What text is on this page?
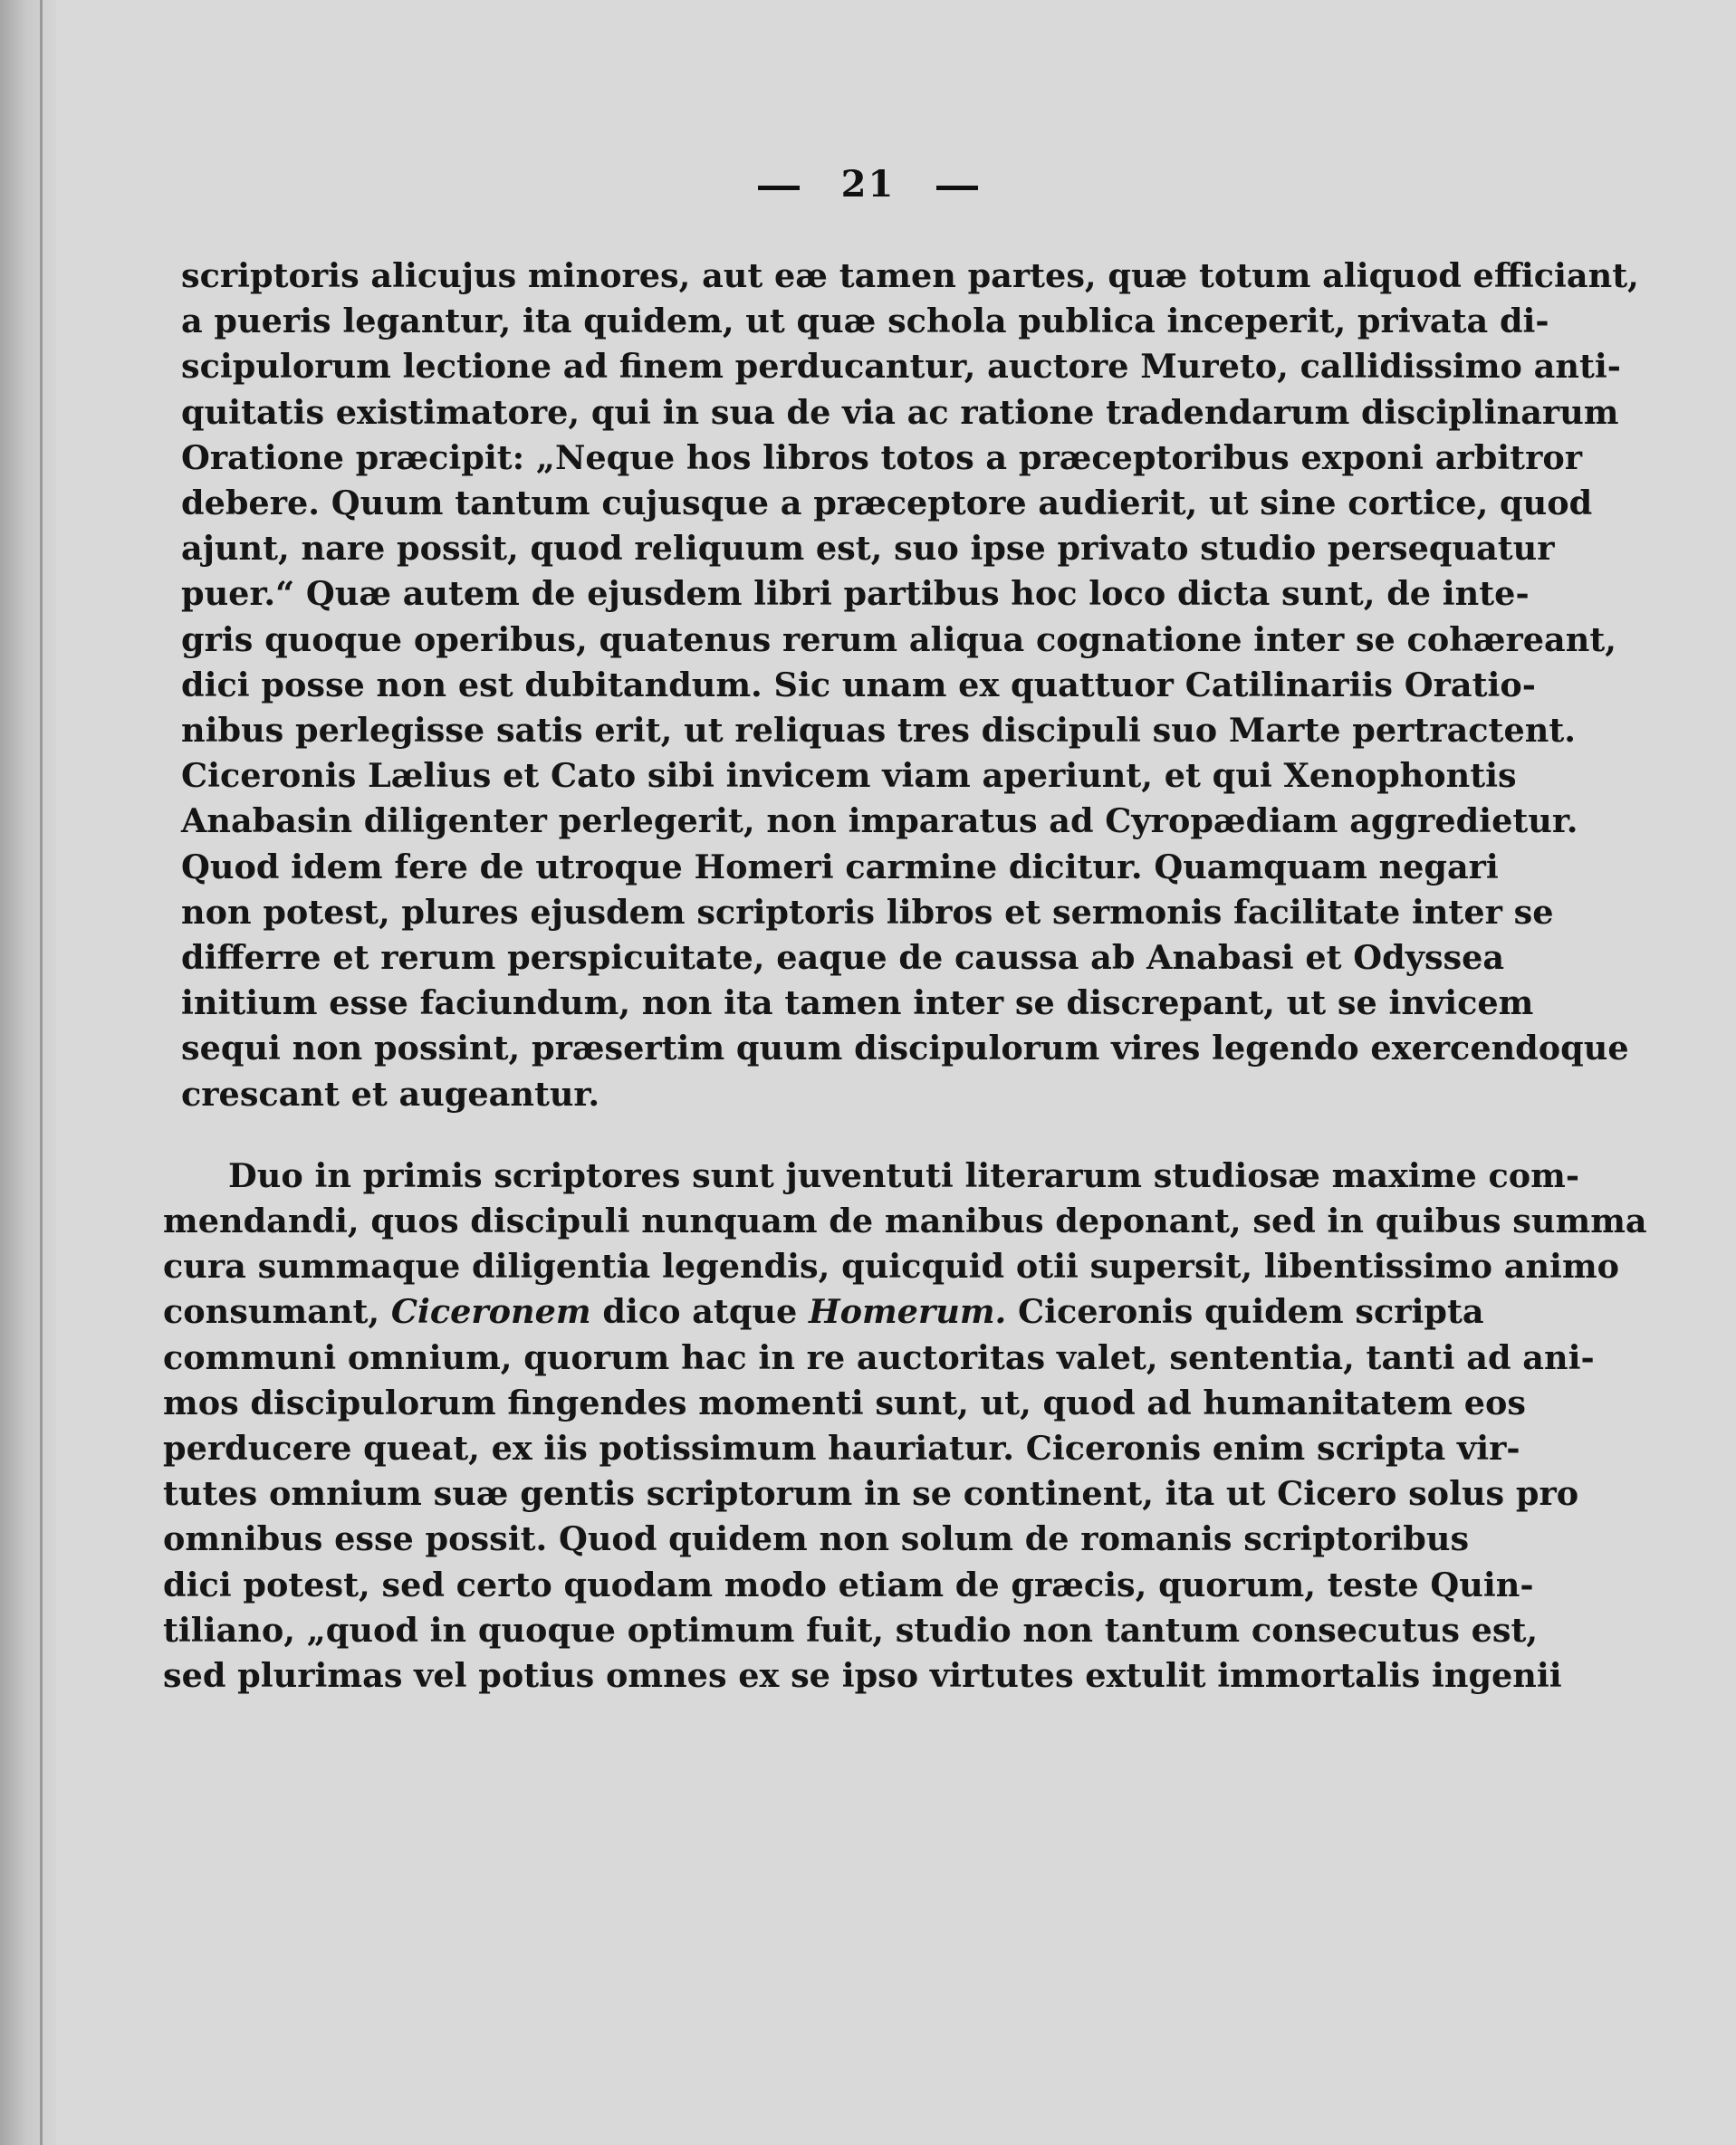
21
scriptoris alicujus minores, aut eæ tamen partes, quæ totum aliquod efficiant,
a pueris legantur, ita quidem, ut quæ schola publica inceperit, privata di-
scipulorum lectione ad finem perducantur, auctore Mureto, callidissimo anti-
quitatis existimatore, qui in sua de via ac ratione tradendarum disciplinarum
Oratione præcipit: „Neque hos libros totos a præceptoribus exponi arbitror
debere. Quum tantum cujusque a præceptore audierit, ut sine cortice, quod
ajunt, nare possit, quod reliquum est, suo ipse privato studio persequatur
puer.“ Quæ autem de ejusdem libri partibus hoc loco dicta sunt, de inte-
gris quoque operibus, quatenus rerum aliqua cognatione inter se cohæreant,
dici posse non est dubitandum. Sic unam ex quattuor Catilinariis Oratio-
nibus perlegisse satis erit, ut reliquas tres discipuli suo Marte pertractent.
Ciceronis Lælius et Cato sibi invicem viam aperiunt, et qui Xenophontis
Anabasin diligenter perlegerit, non imparatus ad Cyropædiam aggredietur.
Quod idem fere de utroque Homeri carmine dicitur. Quamquam negari
non potest, plures ejusdem scriptoris libros et sermonis facilitate inter se
differre et rerum perspicuitate, eaque de caussa ab Anabasi et Odyssea
initium esse faciundum, non ita tamen inter se discrepant, ut se invicem
sequi non possint, præsertim quum discipulorum vires legendo exercendoque
crescant et augeantur.
Duo in primis scriptores sunt juventuti literarum studiosæ maxime com-
mendandi, quos discipuli nunquam de manibus deponant, sed in quibus summa
cura summaque diligentia legendis, quicquid otii supersit, libentissimo animo
consumant, Ciceronem dico atque Homerum. Ciceronis quidem scripta
communi omnium, quorum hac in re auctoritas valet, sententia, tanti ad ani-
mos discipulorum fingendes momenti sunt, ut, quod ad humanitatem eos
perducere queat, ex iis potissimum hauriatur. Ciceronis enim scripta vir-
tutes omnium suæ gentis scriptorum in se continent, ita ut Cicero solus pro
omnibus esse possit. Quod quidem non solum de romanis scriptoribus
dici potest, sed certo quodam modo etiam de græcis, quorum, teste Quin-
tiliano, „quod in quoque optimum fuit, studio non tantum consecutus est,
sed plurimas vel potius omnes ex se ipso virtutes extulit immortalis ingenii
